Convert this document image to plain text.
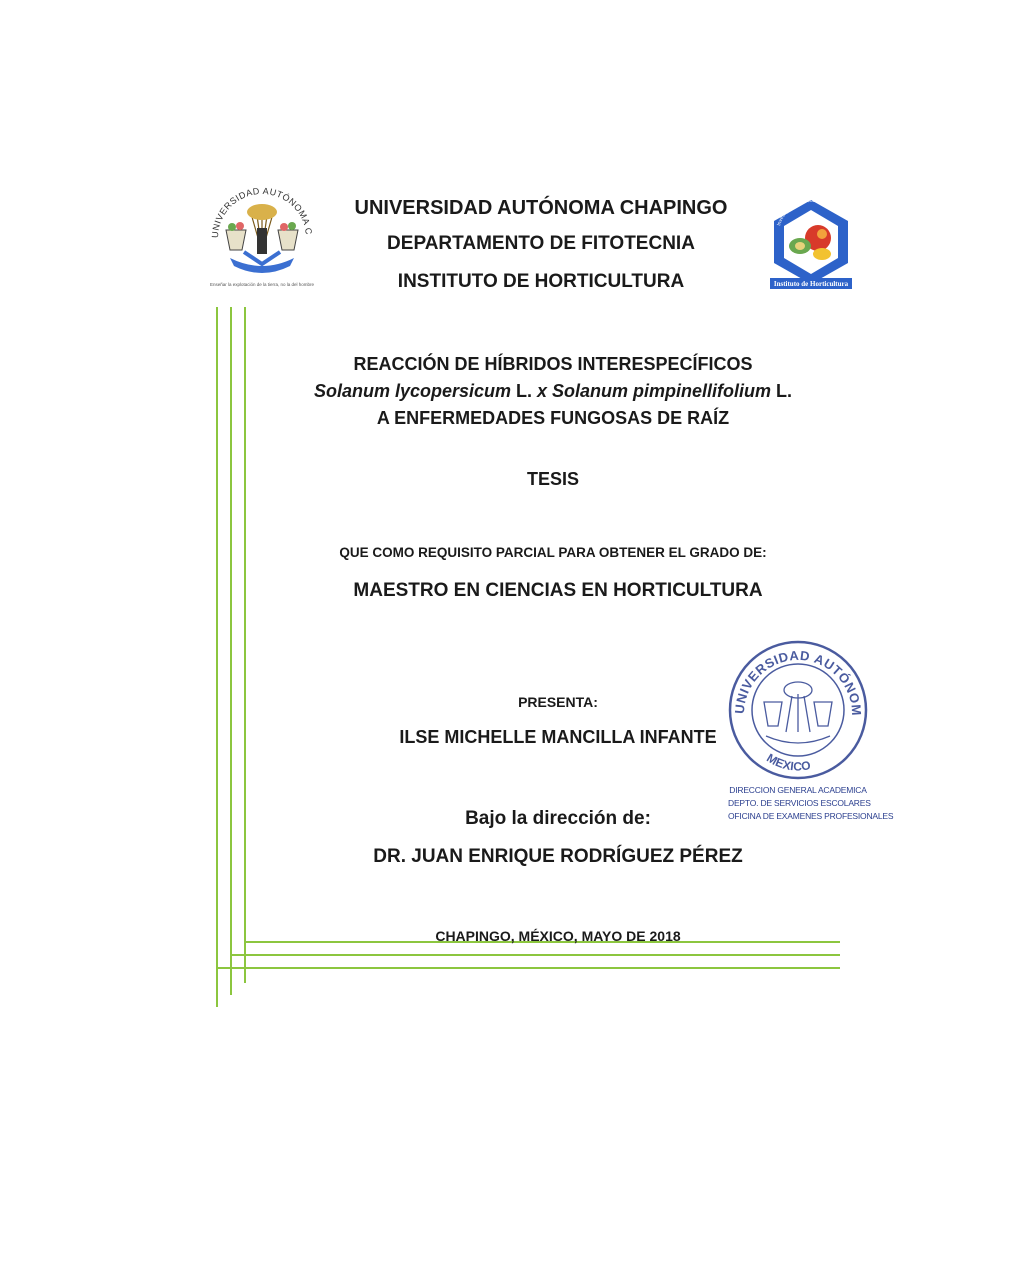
UNIVERSIDAD AUTÓNOMA C
Enseñar la explotación de la tierra, no la del hombre
UNIVERSIDAD AUTÓNOMA CHAPINGO
DEPARTAMENTO DE FITOTECNIA
INSTITUTO DE HORTICULTURA
Investigación y Docencia
Instituto de Horticultura
REACCIÓN DE HÍBRIDOS INTERESPECÍFICOS
Solanum lycopersicum L. x Solanum pimpinellifolium L.
A ENFERMEDADES FUNGOSAS DE RAÍZ
TESIS
QUE COMO REQUISITO PARCIAL PARA OBTENER EL GRADO DE:
MAESTRO EN CIENCIAS EN HORTICULTURA
PRESENTA:
ILSE MICHELLE MANCILLA INFANTE
UNIVERSIDAD AUTÓNOM
MEXICO
DIRECCION GENERAL ACADEMICA
DEPTO. DE SERVICIOS ESCOLARES
OFICINA DE EXAMENES PROFESIONALES
Bajo la dirección de:
DR. JUAN ENRIQUE RODRÍGUEZ PÉREZ
CHAPINGO, MÉXICO, MAYO DE 2018
